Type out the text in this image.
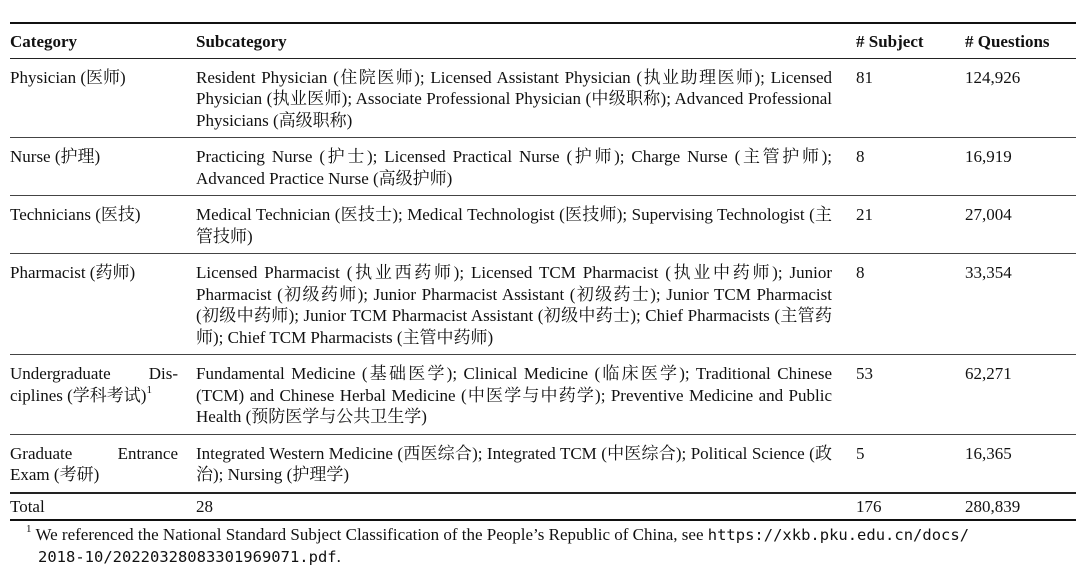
Category	Subcategory	# Subject	# Questions
Physician (医师)	Resident Physician (住院医师); Licensed Assistant Physician (执业助理医师); Licensed Physician (执业医师); Associate Professional Physician (中级职称); Advanced Professional Physicians (高级职称)	81	124,926
Nurse (护理)	Practicing Nurse (护士); Licensed Practical Nurse (护师); Charge Nurse (主管护师); Advanced Practice Nurse (高级护师)	8	16,919
Technicians (医技)	Medical Technician (医技士); Medical Technologist (医技师); Supervising Technologist (主管技师)	21	27,004
Pharmacist (药师)	Licensed Pharmacist (执业西药师); Licensed TCM Pharmacist (执业中药师); Junior Pharmacist (初级药师); Junior Pharmacist Assistant (初级药士); Junior TCM Pharmacist (初级中药师); Junior TCM Pharmacist Assistant (初级中药士); Chief Pharmacists (主管药师); Chief TCM Pharmacists (主管中药师)	8	33,354
Undergraduate Disciplines (学科考试)$^1$	Fundamental Medicine (基础医学); Clinical Medicine (临床医学); Traditional Chinese (TCM) and Chinese Herbal Medicine (中医学与中药学); Preventive Medicine and Public Health (预防医学与公共卫生学)	53	62,271
Graduate Entrance Exam (考研)	Integrated Western Medicine (西医综合); Integrated TCM (中医综合); Political Science (政治); Nursing (护理学)	5	16,365
Total	28	176	280,839
$^1$ We referenced the National Standard Subject Classification of the People’s Republic of China, see https://xkb.pku.edu.cn/docs/
2018-10/20220328083301969071.pdf.
